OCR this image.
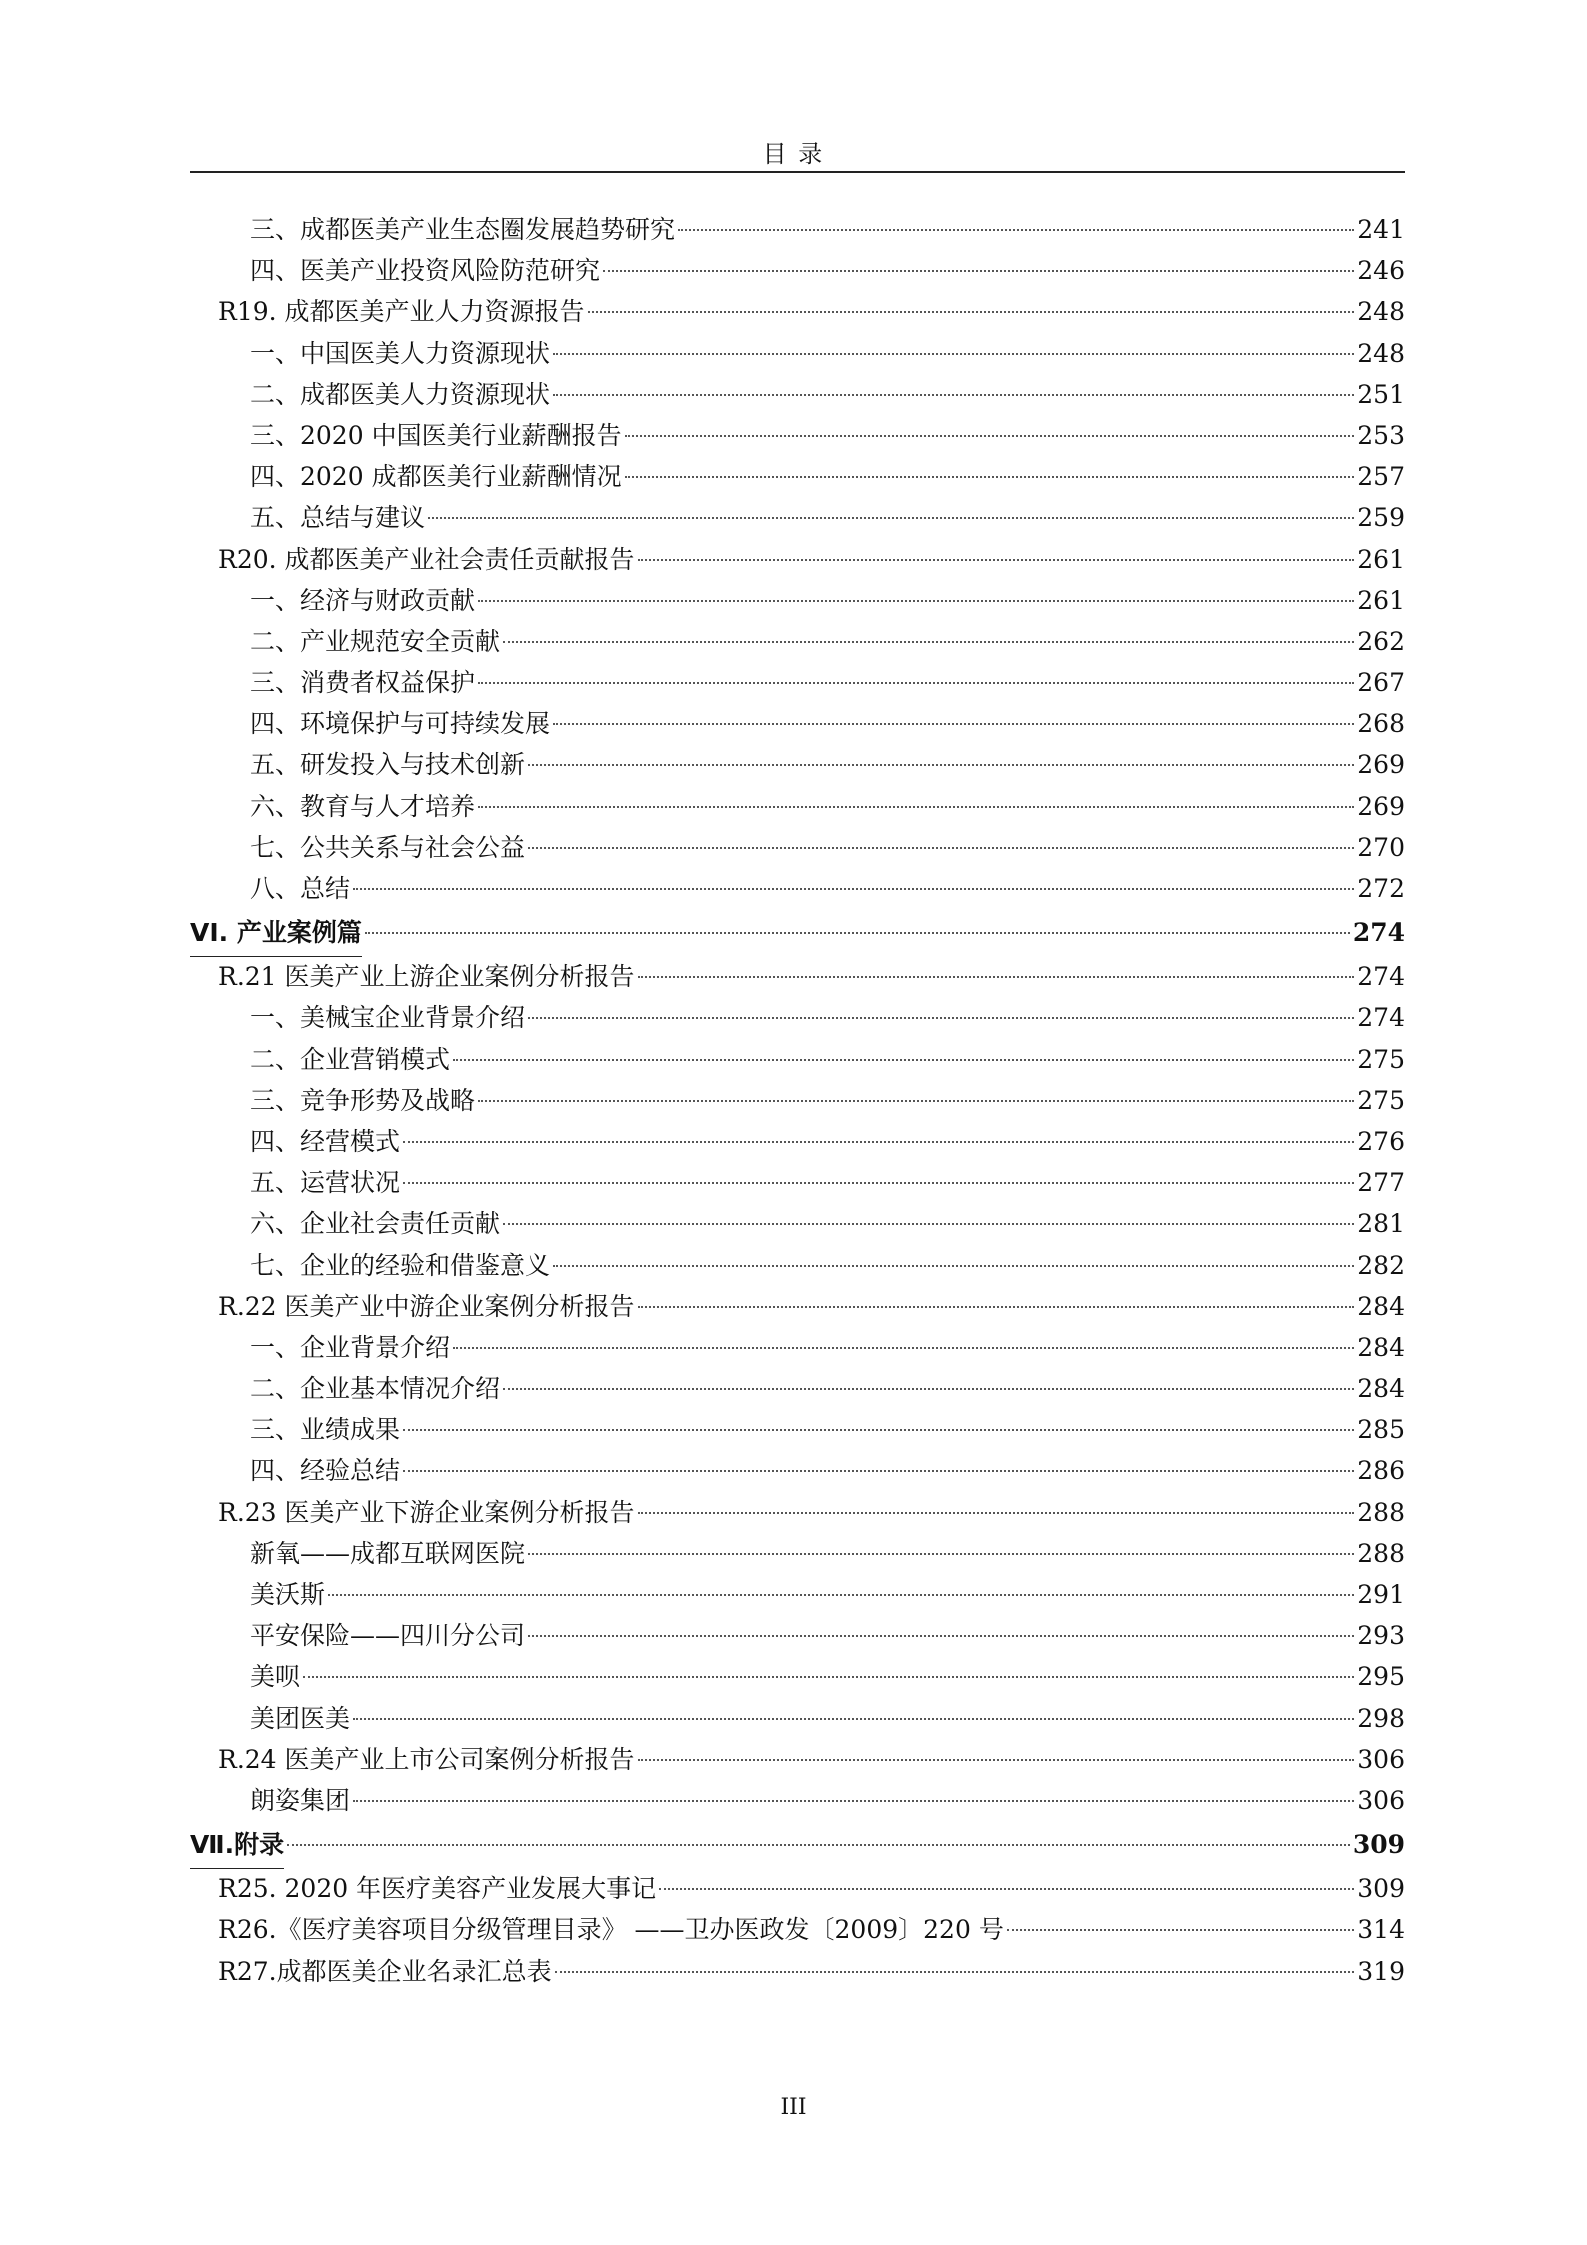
目 录
三、成都医美产业生态圈发展趋势研究	241
四、医美产业投资风险防范研究	246
R19. 成都医美产业人力资源报告	248
一、中国医美人力资源现状	248
二、成都医美人力资源现状	251
三、2020 中国医美行业薪酬报告	253
四、2020 成都医美行业薪酬情况	257
五、总结与建议	259
R20. 成都医美产业社会责任贡献报告	261
一、经济与财政贡献	261
二、产业规范安全贡献	262
三、消费者权益保护	267
四、环境保护与可持续发展	268
五、研发投入与技术创新	269
六、教育与人才培养	269
七、公共关系与社会公益	270
八、总结	272
VI. 产业案例篇	274
R.21 医美产业上游企业案例分析报告	274
一、美械宝企业背景介绍	274
二、企业营销模式	275
三、竞争形势及战略	275
四、经营模式	276
五、运营状况	277
六、企业社会责任贡献	281
七、企业的经验和借鉴意义	282
R.22 医美产业中游企业案例分析报告	284
一、企业背景介绍	284
二、企业基本情况介绍	284
三、业绩成果	285
四、经验总结	286
R.23 医美产业下游企业案例分析报告	288
新氧——成都互联网医院	288
美沃斯	291
平安保险——四川分公司	293
美呗	295
美团医美	298
R.24 医美产业上市公司案例分析报告	306
朗姿集团	306
Ⅶ.附录	309
R25. 2020 年医疗美容产业发展大事记	309
R26.《医疗美容项目分级管理目录》 ——卫办医政发〔2009〕220 号	314
R27.成都医美企业名录汇总表	319
III
